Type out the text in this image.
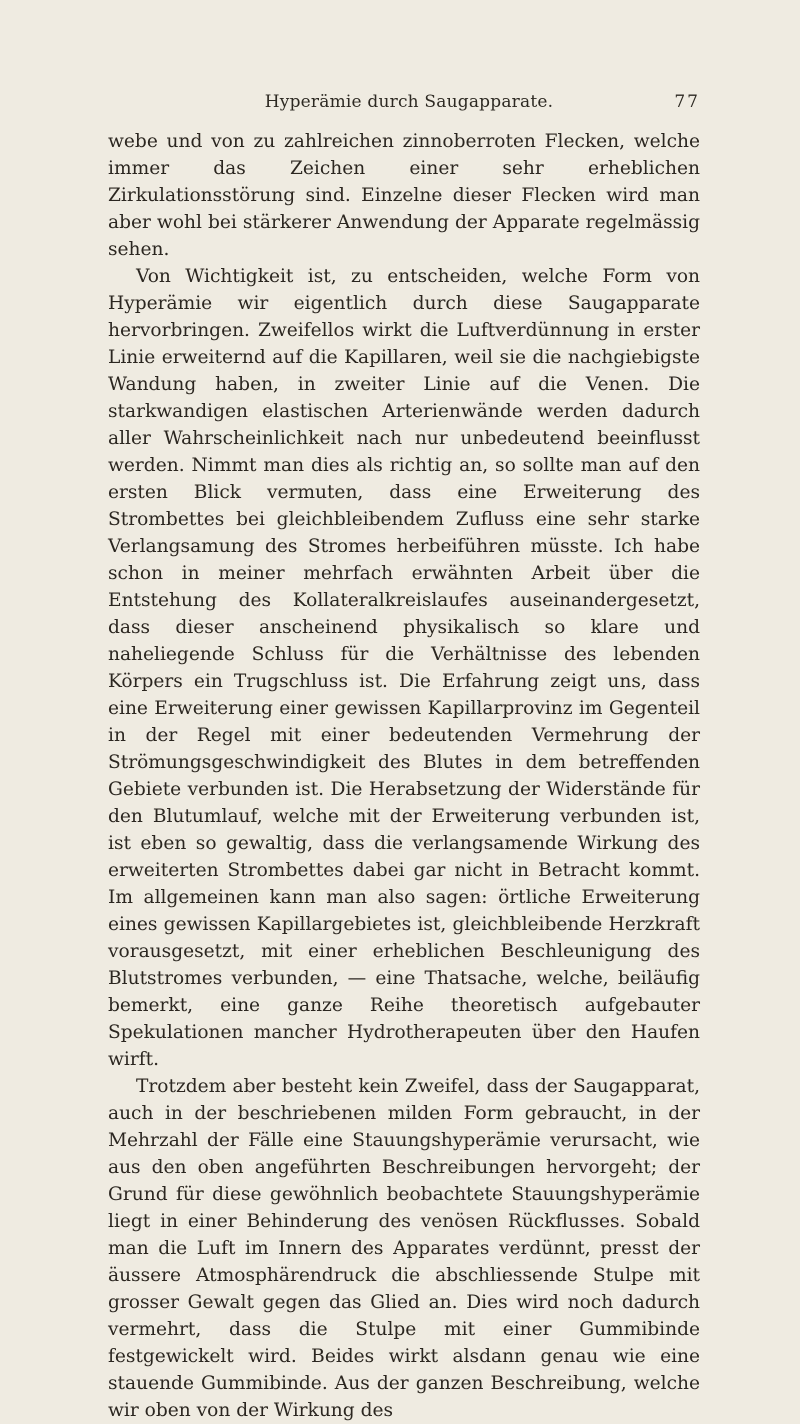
Hyperämie durch Saugapparate.	77

webe und von zu zahlreichen zinnoberroten Flecken, welche immer das Zeichen einer sehr erheblichen Zirkulationsstörung sind. Einzelne dieser Flecken wird man aber wohl bei stärkerer Anwendung der Apparate regelmässig sehen.

Von Wichtigkeit ist, zu entscheiden, welche Form von Hyperämie wir eigentlich durch diese Saugapparate hervorbringen. Zweifellos wirkt die Luftverdünnung in erster Linie erweiternd auf die Kapillaren, weil sie die nachgiebigste Wandung haben, in zweiter Linie auf die Venen. Die starkwandigen elastischen Arterienwände werden dadurch aller Wahrscheinlichkeit nach nur unbedeutend beeinflusst werden. Nimmt man dies als richtig an, so sollte man auf den ersten Blick vermuten, dass eine Erweiterung des Strombettes bei gleichbleibendem Zufluss eine sehr starke Verlangsamung des Stromes herbeiführen müsste. Ich habe schon in meiner mehrfach erwähnten Arbeit über die Entstehung des Kollateralkreislaufes auseinandergesetzt, dass dieser anscheinend physikalisch so klare und naheliegende Schluss für die Verhältnisse des lebenden Körpers ein Trugschluss ist. Die Erfahrung zeigt uns, dass eine Erweiterung einer gewissen Kapillarprovinz im Gegenteil in der Regel mit einer bedeutenden Vermehrung der Strömungsgeschwindigkeit des Blutes in dem betreffenden Gebiete verbunden ist. Die Herabsetzung der Widerstände für den Blutumlauf, welche mit der Erweiterung verbunden ist, ist eben so gewaltig, dass die verlangsamende Wirkung des erweiterten Strombettes dabei gar nicht in Betracht kommt. Im allgemeinen kann man also sagen: örtliche Erweiterung eines gewissen Kapillargebietes ist, gleichbleibende Herzkraft vorausgesetzt, mit einer erheblichen Beschleunigung des Blutstromes verbunden, — eine Thatsache, welche, beiläufig bemerkt, eine ganze Reihe theoretisch aufgebauter Spekulationen mancher Hydrotherapeuten über den Haufen wirft.

Trotzdem aber besteht kein Zweifel, dass der Saugapparat, auch in der beschriebenen milden Form gebraucht, in der Mehrzahl der Fälle eine Stauungshyperämie verursacht, wie aus den oben angeführten Beschreibungen hervorgeht; der Grund für diese gewöhnlich beobachtete Stauungshyperämie liegt in einer Behinderung des venösen Rückflusses. Sobald man die Luft im Innern des Apparates verdünnt, presst der äussere Atmosphärendruck die abschliessende Stulpe mit grosser Gewalt gegen das Glied an. Dies wird noch dadurch vermehrt, dass die Stulpe mit einer Gummibinde festgewickelt wird. Beides wirkt alsdann genau wie eine stauende Gummibinde. Aus der ganzen Beschreibung, welche wir oben von der Wirkung des
